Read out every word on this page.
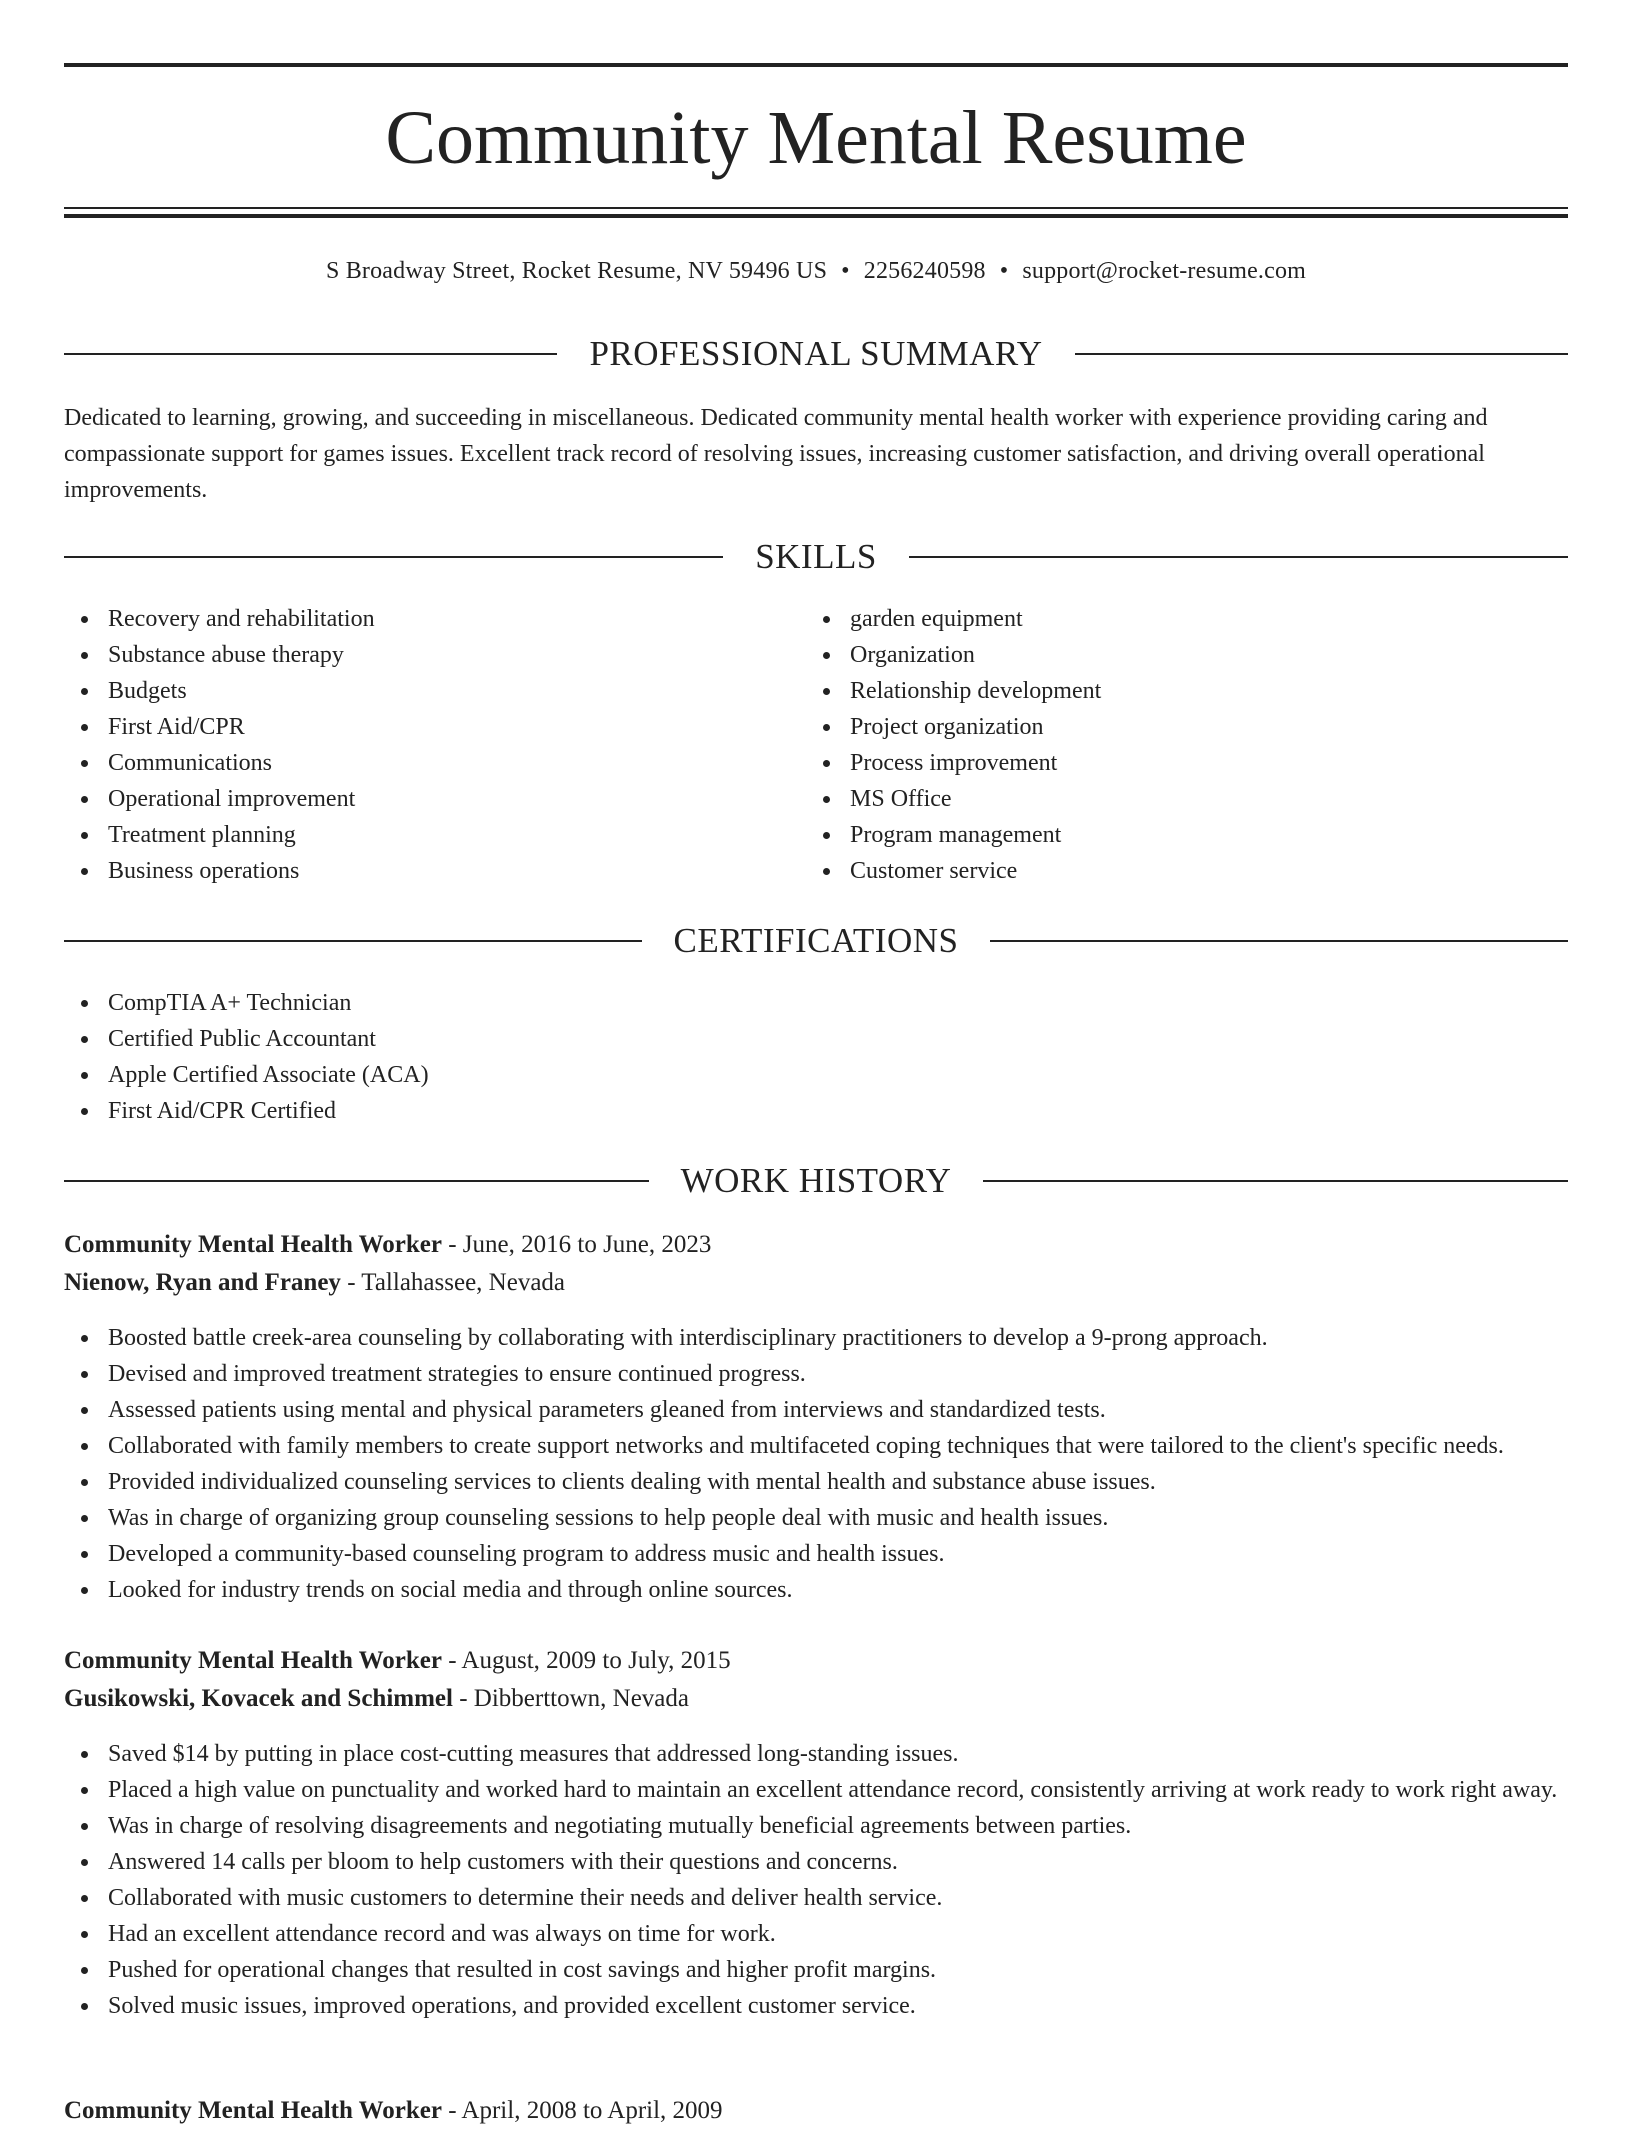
Community Mental Resume
S Broadway Street, Rocket Resume, NV 59496 US • 2256240598 • support@rocket-resume.com
PROFESSIONAL SUMMARY

Dedicated to learning, growing, and succeeding in miscellaneous. Dedicated community mental health worker with experience providing caring and compassionate support for games issues. Excellent track record of resolving issues, increasing customer satisfaction, and driving overall operational improvements.

SKILLS
Recovery and rehabilitation
Substance abuse therapy
Budgets
First Aid/CPR
Communications
Operational improvement
Treatment planning
Business operations
garden equipment
Organization
Relationship development
Project organization
Process improvement
MS Office
Program management
Customer service
CERTIFICATIONS
CompTIA A+ Technician
Certified Public Accountant
Apple Certified Associate (ACA)
First Aid/CPR Certified
WORK HISTORY
Community Mental Health Worker - June, 2016 to June, 2023
Nienow, Ryan and Franey - Tallahassee, Nevada
Boosted battle creek-area counseling by collaborating with interdisciplinary practitioners to develop a 9-prong approach.
Devised and improved treatment strategies to ensure continued progress.
Assessed patients using mental and physical parameters gleaned from interviews and standardized tests.
Collaborated with family members to create support networks and multifaceted coping techniques that were tailored to the client's specific needs.
Provided individualized counseling services to clients dealing with mental health and substance abuse issues.
Was in charge of organizing group counseling sessions to help people deal with music and health issues.
Developed a community-based counseling program to address music and health issues.
Looked for industry trends on social media and through online sources.
Community Mental Health Worker - August, 2009 to July, 2015
Gusikowski, Kovacek and Schimmel - Dibberttown, Nevada
Saved $14 by putting in place cost-cutting measures that addressed long-standing issues.
Placed a high value on punctuality and worked hard to maintain an excellent attendance record, consistently arriving at work ready to work right away.
Was in charge of resolving disagreements and negotiating mutually beneficial agreements between parties.
Answered 14 calls per bloom to help customers with their questions and concerns.
Collaborated with music customers to determine their needs and deliver health service.
Had an excellent attendance record and was always on time for work.
Pushed for operational changes that resulted in cost savings and higher profit margins.
Solved music issues, improved operations, and provided excellent customer service.
Community Mental Health Worker - April, 2008 to April, 2009
